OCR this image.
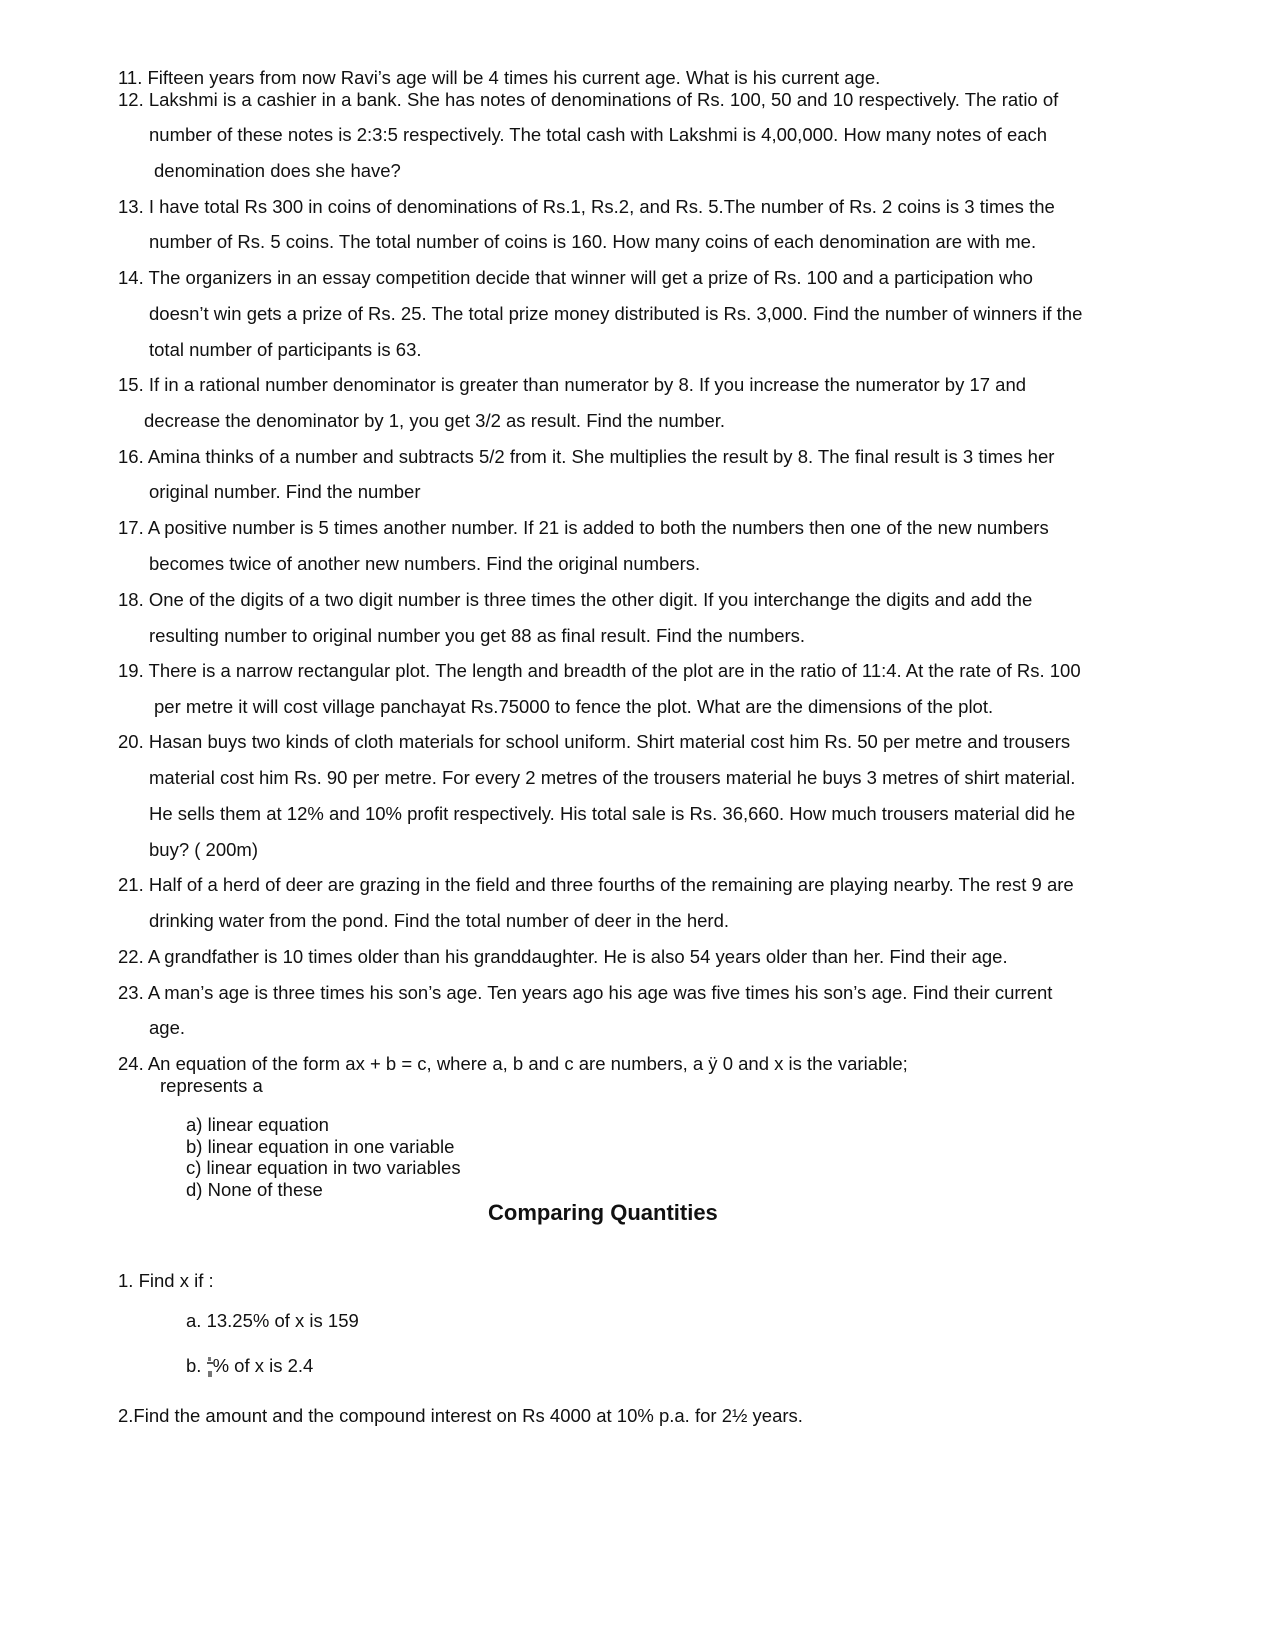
11. Fifteen years from now Ravi’s age will be 4 times his current age. What is his current age.
12. Lakshmi is a cashier in a bank. She has notes of denominations of Rs. 100, 50 and 10 respectively. The ratio of
number of these notes is 2:3:5 respectively. The total cash with Lakshmi is 4,00,000. How many notes of each
denomination does she have?
13. I have total Rs 300 in coins of denominations of Rs.1, Rs.2, and Rs. 5.The number of Rs. 2 coins is 3 times the
number of Rs. 5 coins. The total number of coins is 160. How many coins of each denomination are with me.
14. The organizers in an essay competition decide that winner will get a prize of Rs. 100 and a participation who
doesn’t win gets a prize of Rs. 25. The total prize money distributed is Rs. 3,000. Find the number of winners if the
total number of participants is 63.
15. If in a rational number denominator is greater than numerator by 8. If you increase the numerator by 17 and
decrease the denominator by 1, you get 3/2 as result. Find the number.
16. Amina thinks of a number and subtracts 5/2 from it. She multiplies the result by 8. The final result is 3 times her
original number. Find the number
17. A positive number is 5 times another number. If 21 is added to both the numbers then one of the new numbers
becomes twice of another new numbers. Find the original numbers.
18. One of the digits of a two digit number is three times the other digit. If you interchange the digits and add the
resulting number to original number you get 88 as final result. Find the numbers.
19. There is a narrow rectangular plot. The length and breadth of the plot are in the ratio of 11:4. At the rate of Rs. 100
per metre it will cost village panchayat Rs.75000 to fence the plot. What are the dimensions of the plot.
20. Hasan buys two kinds of cloth materials for school uniform. Shirt material cost him Rs. 50 per metre and trousers
material cost him Rs. 90 per metre. For every 2 metres of the trousers material he buys 3 metres of shirt material.
He sells them at 12% and 10% profit respectively. His total sale is Rs. 36,660. How much trousers material did he
buy? ( 200m)
21. Half of a herd of deer are grazing in the field and three fourths of the remaining are playing nearby. The rest 9 are
drinking water from the pond. Find the total number of deer in the herd.
22. A grandfather is 10 times older than his granddaughter. He is also 54 years older than her. Find their age.
23. A man’s age is three times his son’s age. Ten years ago his age was five times his son’s age. Find their current
age.
24. An equation of the form ax + b = c, where a, b and c are numbers, a ÿ 0 and x is the variable;
represents a
a) linear equation
b) linear equation in one variable
c) linear equation in two variables
d) None of these
Comparing Quantities
1. Find x if :
a. 13.25% of x is 159
b. % of x is 2.4
2.Find the amount and the compound interest on Rs 4000 at 10% p.a. for 2½ years.
